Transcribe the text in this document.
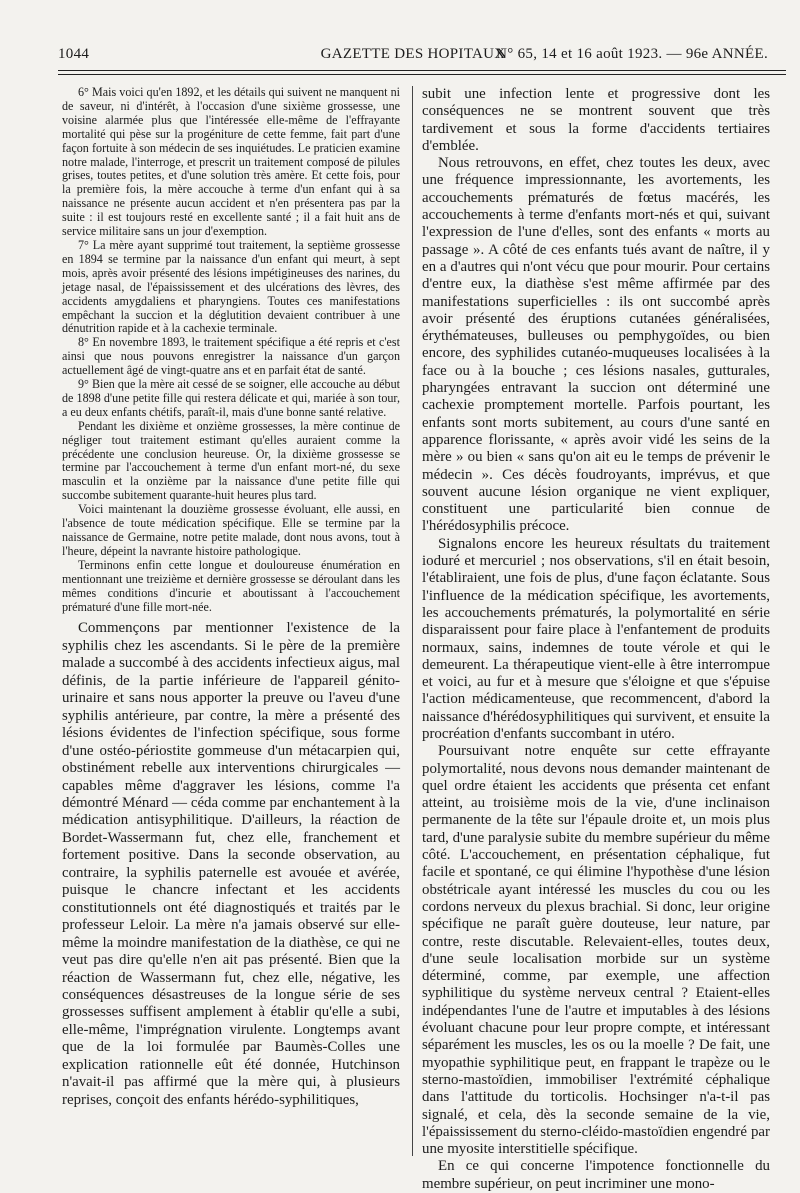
1044	GAZETTE DES HOPITAUX
N° 65, 14 et 16 août 1923. — 96e ANNÉE.

6° Mais voici qu'en 1892, et les détails qui suivent ne manquent ni de saveur, ni d'intérêt, à l'occasion d'une sixième grossesse, une voisine alarmée plus que l'intéressée elle-même de l'effrayante mortalité qui pèse sur la progéniture de cette femme, fait part d'une façon fortuite à son médecin de ses inquiétudes. Le praticien examine notre malade, l'interroge, et prescrit un traitement composé de pilules grises, toutes petites, et d'une solution très amère. Et cette fois, pour la première fois, la mère accouche à terme d'un enfant qui à sa naissance ne présente aucun accident et n'en présentera pas par la suite : il est toujours resté en excellente santé ; il a fait huit ans de service militaire sans un jour d'exemption.

7° La mère ayant supprimé tout traitement, la septième grossesse en 1894 se termine par la naissance d'un enfant qui meurt, à sept mois, après avoir présenté des lésions impétigineuses des narines, du jetage nasal, de l'épaississement et des ulcérations des lèvres, des accidents amygdaliens et pharyngiens. Toutes ces manifestations empêchant la succion et la déglutition devaient contribuer à une dénutrition rapide et à la cachexie terminale.

8° En novembre 1893, le traitement spécifique a été repris et c'est ainsi que nous pouvons enregistrer la naissance d'un garçon actuellement âgé de vingt-quatre ans et en parfait état de santé.

9° Bien que la mère ait cessé de se soigner, elle accouche au début de 1898 d'une petite fille qui restera délicate et qui, mariée à son tour, a eu deux enfants chétifs, paraît-il, mais d'une bonne santé relative.

Pendant les dixième et onzième grossesses, la mère continue de négliger tout traitement estimant qu'elles auraient comme la précédente une conclusion heureuse. Or, la dixième grossesse se termine par l'accouchement à terme d'un enfant mort-né, du sexe masculin et la onzième par la naissance d'une petite fille qui succombe subitement quarante-huit heures plus tard.

Voici maintenant la douzième grossesse évoluant, elle aussi, en l'absence de toute médication spécifique. Elle se termine par la naissance de Germaine, notre petite malade, dont nous avons, tout à l'heure, dépeint la navrante histoire pathologique.

Terminons enfin cette longue et douloureuse énumération en mentionnant une treizième et dernière grossesse se déroulant dans les mêmes conditions d'incurie et aboutissant à l'accouchement prématuré d'une fille mort-née.

Commençons par mentionner l'existence de la syphilis chez les ascendants. Si le père de la première malade a succombé à des accidents infectieux aigus, mal définis, de la partie inférieure de l'appareil génito-urinaire et sans nous apporter la preuve ou l'aveu d'une syphilis antérieure, par contre, la mère a présenté des lésions évidentes de l'infection spécifique, sous forme d'une ostéo-périostite gommeuse d'un métacarpien qui, obstinément rebelle aux interventions chirurgicales — capables même d'aggraver les lésions, comme l'a démontré Ménard — céda comme par enchantement à la médication antisyphilitique. D'ailleurs, la réaction de Bordet-Wassermann fut, chez elle, franchement et fortement positive. Dans la seconde observation, au contraire, la syphilis paternelle est avouée et avérée, puisque le chancre infectant et les accidents constitutionnels ont été diagnostiqués et traités par le professeur Leloir. La mère n'a jamais observé sur elle-même la moindre manifestation de la diathèse, ce qui ne veut pas dire qu'elle n'en ait pas présenté. Bien que la réaction de Wassermann fut, chez elle, négative, les conséquences désastreuses de la longue série de ses grossesses suffisent amplement à établir qu'elle a subi, elle-même, l'imprégnation virulente. Longtemps avant que de la loi formulée par Baumès-Colles une explication rationnelle eût été donnée, Hutchinson n'avait-il pas affirmé que la mère qui, à plusieurs reprises, conçoit des enfants hérédo-syphilitiques,

subit une infection lente et progressive dont les conséquences ne se montrent souvent que très tardivement et sous la forme d'accidents tertiaires d'emblée.

Nous retrouvons, en effet, chez toutes les deux, avec une fréquence impressionnante, les avortements, les accouchements prématurés de fœtus macérés, les accouchements à terme d'enfants mort-nés et qui, suivant l'expression de l'une d'elles, sont des enfants « morts au passage ». A côté de ces enfants tués avant de naître, il y en a d'autres qui n'ont vécu que pour mourir. Pour certains d'entre eux, la diathèse s'est même affirmée par des manifestations superficielles : ils ont succombé après avoir présenté des éruptions cutanées généralisées, érythémateuses, bulleuses ou pemphygoïdes, ou bien encore, des syphilides cutanéo-muqueuses localisées à la face ou à la bouche ; ces lésions nasales, gutturales, pharyngées entravant la succion ont déterminé une cachexie promptement mortelle. Parfois pourtant, les enfants sont morts subitement, au cours d'une santé en apparence florissante, « après avoir vidé les seins de la mère » ou bien « sans qu'on ait eu le temps de prévenir le médecin ». Ces décès foudroyants, imprévus, et que souvent aucune lésion organique ne vient expliquer, constituent une particularité bien connue de l'hérédosyphilis précoce.

Signalons encore les heureux résultats du traitement ioduré et mercuriel ; nos observations, s'il en était besoin, l'établiraient, une fois de plus, d'une façon éclatante. Sous l'influence de la médication spécifique, les avortements, les accouchements prématurés, la polymortalité en série disparaissent pour faire place à l'enfantement de produits normaux, sains, indemnes de toute vérole et qui le demeurent. La thérapeutique vient-elle à être interrompue et voici, au fur et à mesure que s'éloigne et que s'épuise l'action médicamenteuse, que recommencent, d'abord la naissance d'hérédosyphilitiques qui survivent, et ensuite la procréation d'enfants succombant in utéro.

Poursuivant notre enquête sur cette effrayante polymortalité, nous devons nous demander maintenant de quel ordre étaient les accidents que présenta cet enfant atteint, au troisième mois de la vie, d'une inclinaison permanente de la tête sur l'épaule droite et, un mois plus tard, d'une paralysie subite du membre supérieur du même côté. L'accouchement, en présentation céphalique, fut facile et spontané, ce qui élimine l'hypothèse d'une lésion obstétricale ayant intéressé les muscles du cou ou les cordons nerveux du plexus brachial. Si donc, leur origine spécifique ne paraît guère douteuse, leur nature, par contre, reste discutable. Relevaient-elles, toutes deux, d'une seule localisation morbide sur un système déterminé, comme, par exemple, une affection syphilitique du système nerveux central ? Etaient-elles indépendantes l'une de l'autre et imputables à des lésions évoluant chacune pour leur propre compte, et intéressant séparément les muscles, les os ou la moelle ? De fait, une myopathie syphilitique peut, en frappant le trapèze ou le sterno-mastoïdien, immobiliser l'extrémité céphalique dans l'attitude du torticolis. Hochsinger n'a-t-il pas signalé, et cela, dès la seconde semaine de la vie, l'épaississement du sterno-cléido-mastoïdien engendré par une myosite interstitielle spécifique.

En ce qui concerne l'impotence fonctionnelle du membre supérieur, on peut incriminer une mono-
